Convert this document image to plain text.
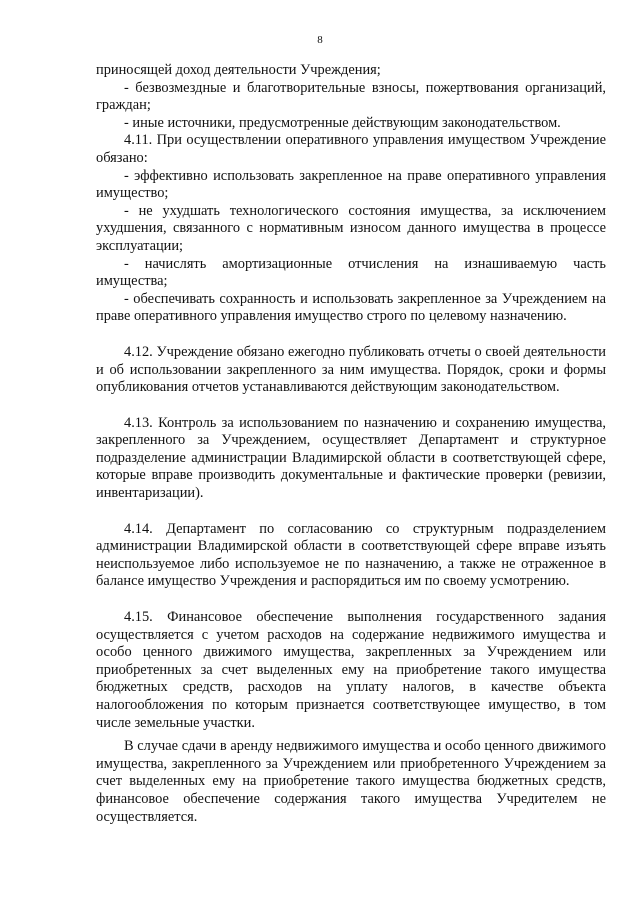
8

приносящей доход деятельности Учреждения;

- безвозмездные и благотворительные взносы, пожертвования организаций, граждан;

- иные источники, предусмотренные действующим законодательством.

4.11. При осуществлении оперативного управления имуществом Учреждение обязано:

- эффективно использовать закрепленное на праве оперативного управления имущество;

- не ухудшать технологического состояния имущества, за исключением ухудшения, связанного с нормативным износом данного имущества в процессе эксплуатации;

- начислять амортизационные отчисления на изнашиваемую часть имущества;

- обеспечивать сохранность и использовать закрепленное за Учреждением на праве оперативного управления имущество строго по целевому назначению.

4.12. Учреждение обязано ежегодно публиковать отчеты о своей деятельности и об использовании закрепленного за ним имущества. Порядок, сроки и формы опубликования отчетов устанавливаются действующим законодательством.

4.13. Контроль за использованием по назначению и сохранению имущества, закрепленного за Учреждением, осуществляет Департамент и структурное подразделение администрации Владимирской области в соответствующей сфере, которые вправе производить документальные и фактические проверки (ревизии, инвентаризации).

4.14. Департамент по согласованию со структурным подразделением администрации Владимирской области в соответствующей сфере вправе изъять неиспользуемое либо используемое не по назначению, а также не отраженное в балансе имущество Учреждения и распорядиться им по своему усмотрению.

4.15. Финансовое обеспечение выполнения государственного задания осуществляется с учетом расходов на содержание недвижимого имущества и особо ценного движимого имущества, закрепленных за Учреждением или приобретенных за счет выделенных ему на приобретение такого имущества бюджетных средств, расходов на уплату налогов, в качестве объекта налогообложения по которым признается соответствующее имущество, в том числе земельные участки.

В случае сдачи в аренду недвижимого имущества и особо ценного движимого имущества, закрепленного за Учреждением или приобретенного Учреждением за счет выделенных ему на приобретение такого имущества бюджетных средств, финансовое обеспечение содержания такого имущества Учредителем не осуществляется.
